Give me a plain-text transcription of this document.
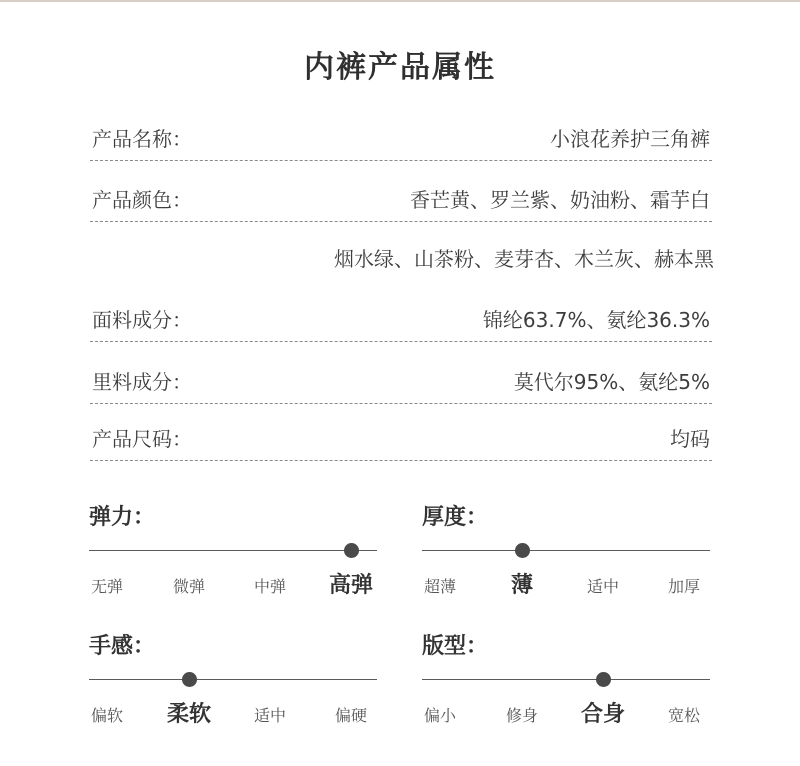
内裤产品属性
产品名称：	小浪花养护三角裤
产品颜色：	香芒黄、罗兰紫、奶油粉、霜芋白
烟水绿、山茶粉、麦芽杏、木兰灰、赫本黑
面料成分：	锦纶63.7%、氨纶36.3%
里料成分：	莫代尔95%、氨纶5%
产品尺码：	均码
弹力：
无弹	微弹	中弹	高弹
厚度：
超薄	薄	适中	加厚
手感：
偏软	柔软	适中	偏硬
版型：
偏小	修身	合身	宽松
